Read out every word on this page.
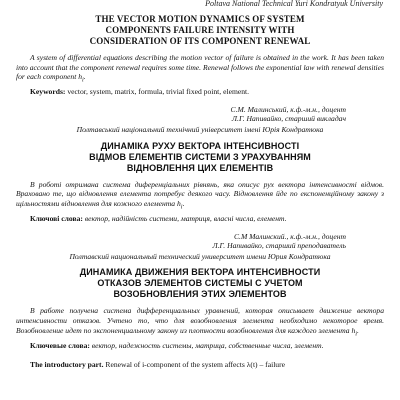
Poltava National Technical Yuri Kondratyuk University
THE VECTOR MOTION DYNAMICS OF SYSTEM
COMPONENTS FAILURE INTENSITY WITH
CONSIDERATION OF ITS COMPONENT RENEWAL

A system of differential equations describing the motion vector of failure is obtained in the work. It has been taken into account that the component renewal requires some time. Renewal follows the exponential law with renewal densities for each component $h_i$.

Keywords: vector, system, matrix, formula, trivial fixed point, element.

С.М. Малинський, к.ф.-м.н., доцент
Л.Г. Напивайко, старший викладач
Полтавський національний технічний університет імені Юрія Кондратюка
ДИНАМІКА РУХУ ВЕКТОРА ІНТЕНСИВНОСТІ
ВІДМОВ ЕЛЕМЕНТІВ СИСТЕМИ З УРАХУВАННЯМ
ВІДНОВЛЕННЯ ЦИХ ЕЛЕМЕНТІВ

В роботі отримана система диференціальних рівнянь, яка описує рух вектора інтенсивності відмов. Враховано те, що відновлення елемента потребує деякого часу. Відновлення йде по експоненційному закону з щільностями відновлення для кожного елемента $h_i$.

Ключові слова: вектор, надійність системи, матриця, власні числа, елемент.

С.М Малинский., к.ф.-м.н., доцент
Л.Г. Напивайко, старший преподаватель
Полтавский национальный технический университет имени Юрия Кондратюка
ДИНАМИКА ДВИЖЕНИЯ ВЕКТОРА ИНТЕНСИВНОСТИ
ОТКАЗОВ ЭЛЕМЕНТОВ СИСТЕМЫ С УЧЕТОМ
ВОЗОБНОВЛЕНИЯ ЭТИХ ЭЛЕМЕНТОВ

В работе получена система дифференциальных уравнений, которая описывает движение вектора интенсивности отказов. Учтено то, что для возобновления элемента необходимо некоторое время. Возобновление идет по экспоненциальному закону из плотности возобновления для каждого элемента $h_i$.

Ключевые слова: вектор, надежность системы, матрица, собственные числа, элемент.

The introductory part. Renewal of i-component of the system affects λ(t) – failure
